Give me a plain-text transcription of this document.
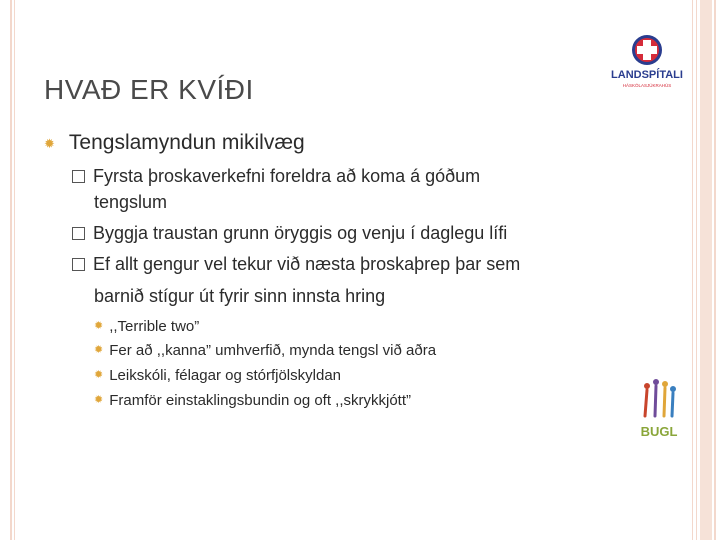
HVAÐ ER KVÍÐI
✹ Tengslamyndun mikilvæg
Fyrsta þroskaverkefni foreldra að koma á góðum
tengslum
Byggja traustan grunn öryggis og venju í daglegu lífi
Ef allt gengur vel tekur við næsta þroskaþrep þar sem
barnið stígur út fyrir sinn innsta hring
✹ ,,Terrible two”
✹ Fer að ,,kanna” umhverfið, mynda tengsl við aðra
✹ Leikskóli, félagar og stórfjölskyldan
✹ Framför einstaklingsbundin og oft ,,skrykkjótt”
LANDSPÍTALI
HÁSKÓLASJÚKRAHÚS
BUGL
